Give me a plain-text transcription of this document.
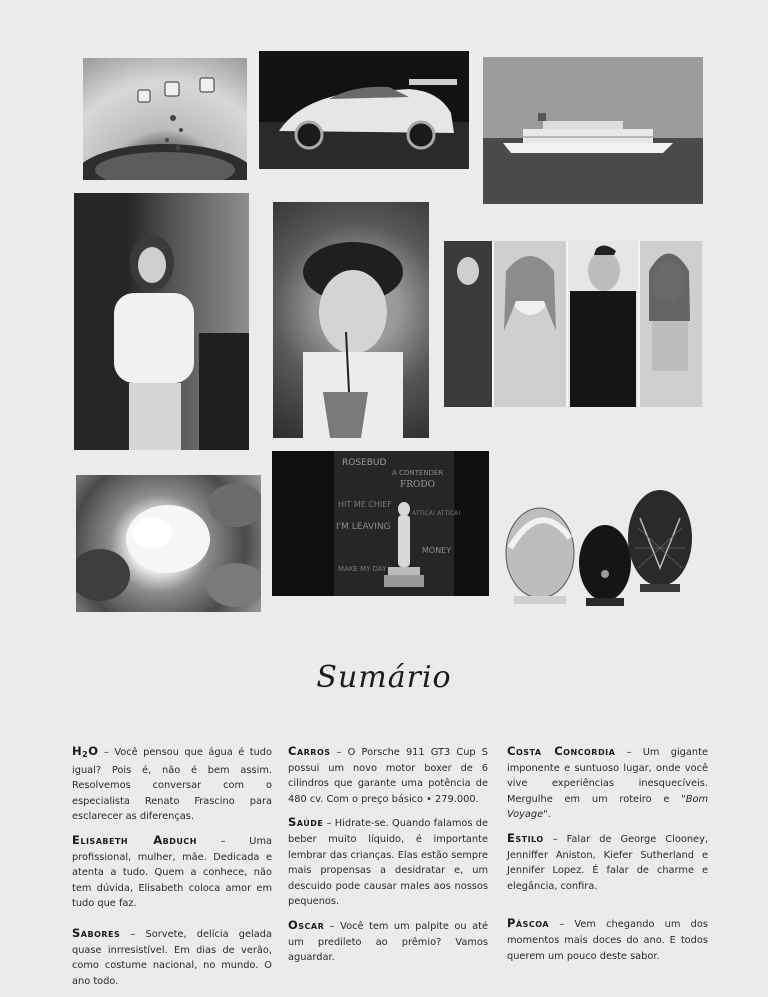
ROSEBUD
A CONTENDER
FRODO
HIT ME CHIEF
ATTICA! ATTICA!
I'M LEAVING
MONEY
MAKE MY DAY
Sumário

$H_2O$ – Você pensou que água é tudo igual? Pois é, não é bem assim. Resolvemos conversar com o especialista Renato Frascino para esclarecer as diferenças.

Elisabeth Abduch – Uma profissional, mulher, mãe. Dedicada e atenta a tudo. Quem a conhece, não tem dúvida, Elisabeth coloca amor em tudo que faz.

Sabores – Sorvete, delícia gelada quase inrresistível. Em dias de verão, como costume nacional, no mundo. O ano todo.

Carros – O Porsche 911 GT3 Cup S possui um novo motor boxer de 6 cilindros que garante uma potência de 480 cv. Com o preço básico • 279.000.

Saúde – Hidrate-se. Quando falamos de beber muito líquido, é importante lembrar das crianças. Elas estão sempre mais propensas a desidratar e, um descuido pode causar males aos nossos pequenos.

Oscar – Você tem um palpite ou até um predileto ao prêmio? Vamos aguardar.

Costa Concordia – Um gigante imponente e suntuoso lugar, onde você vive experiências inesquecíveis. Mergulhe em um roteiro e "Bom Voyage".

Estilo – Falar de George Clooney, Jenniffer Aniston, Kiefer Sutherland e Jennifer Lopez. É falar de charme e elegância, confira.

Páscoa – Vem chegando um dos momentos mais doces do ano. E todos querem um pouco deste sabor.
